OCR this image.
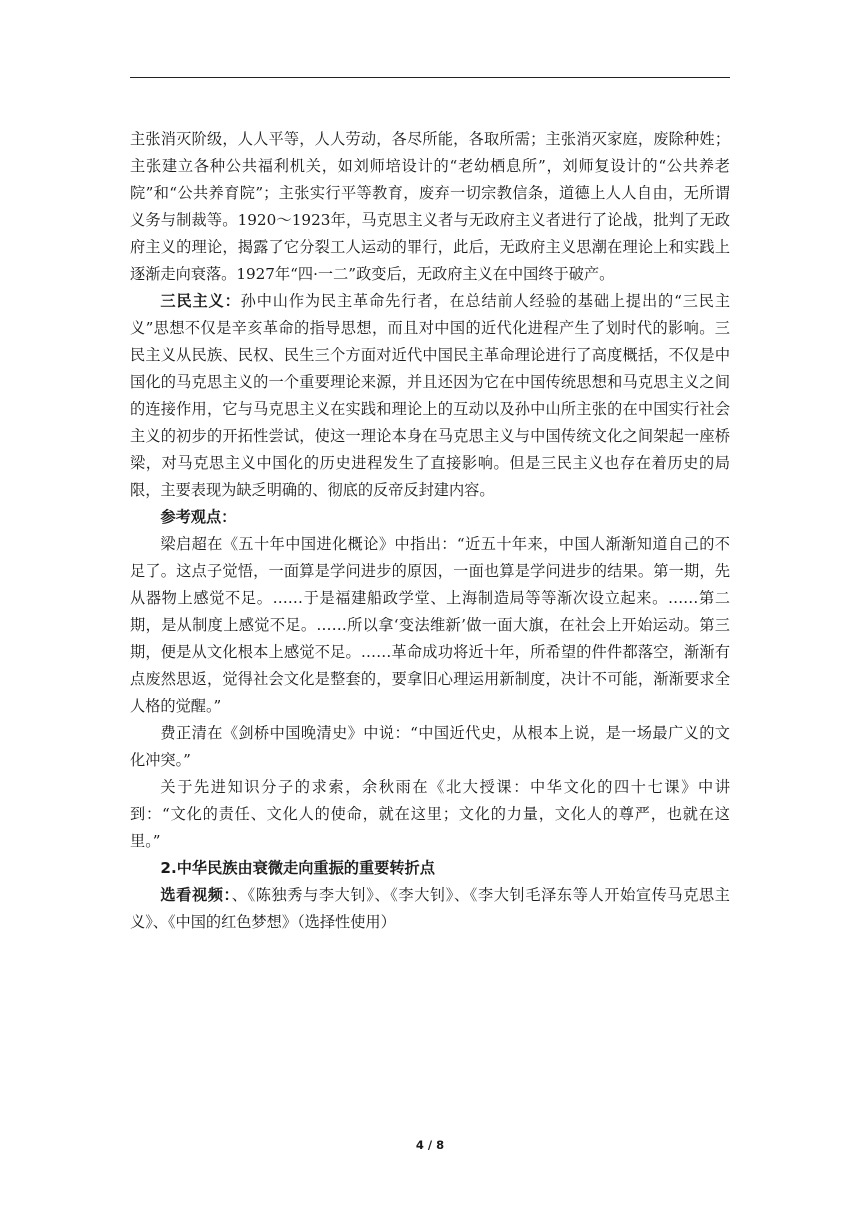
主张消灭阶级，人人平等，人人劳动，各尽所能，各取所需；主张消灭家庭，废除种姓；主张建立各种公共福利机关，如刘师培设计的“老幼栖息所”，刘师复设计的“公共养老院”和“公共养育院”；主张实行平等教育，废弃一切宗教信条，道德上人人自由，无所谓义务与制裁等。1920～1923年，马克思主义者与无政府主义者进行了论战，批判了无政府主义的理论，揭露了它分裂工人运动的罪行，此后，无政府主义思潮在理论上和实践上逐渐走向衰落。1927年“四·一二”政变后，无政府主义在中国终于破产。

三民主义：孙中山作为民主革命先行者，在总结前人经验的基础上提出的“三民主义”思想不仅是辛亥革命的指导思想，而且对中国的近代化进程产生了划时代的影响。三民主义从民族、民权、民生三个方面对近代中国民主革命理论进行了高度概括，不仅是中国化的马克思主义的一个重要理论来源，并且还因为它在中国传统思想和马克思主义之间的连接作用，它与马克思主义在实践和理论上的互动以及孙中山所主张的在中国实行社会主义的初步的开拓性尝试，使这一理论本身在马克思主义与中国传统文化之间架起一座桥梁，对马克思主义中国化的历史进程发生了直接影响。但是三民主义也存在着历史的局限，主要表现为缺乏明确的、彻底的反帝反封建内容。

参考观点：

梁启超在《五十年中国进化概论》中指出：“近五十年来，中国人渐渐知道自己的不足了。这点子觉悟，一面算是学问进步的原因，一面也算是学问进步的结果。第一期，先从器物上感觉不足。……于是福建船政学堂、上海制造局等等渐次设立起来。……第二期，是从制度上感觉不足。……所以拿‘变法维新’做一面大旗，在社会上开始运动。第三期，便是从文化根本上感觉不足。……革命成功将近十年，所希望的件件都落空，渐渐有点废然思返，觉得社会文化是整套的，要拿旧心理运用新制度，决计不可能，渐渐要求全人格的觉醒。”

费正清在《剑桥中国晚清史》中说：“中国近代史，从根本上说，是一场最广义的文化冲突。”

关于先进知识分子的求索，余秋雨在《北大授课：中华文化的四十七课》中讲到：“文化的责任、文化人的使命，就在这里；文化的力量，文化人的尊严，也就在这里。”

2.中华民族由衰微走向重振的重要转折点

选看视频：、《陈独秀与李大钊》、《李大钊》、《李大钊毛泽东等人开始宣传马克思主义》、《中国的红色梦想》（选择性使用）

4 / 8
